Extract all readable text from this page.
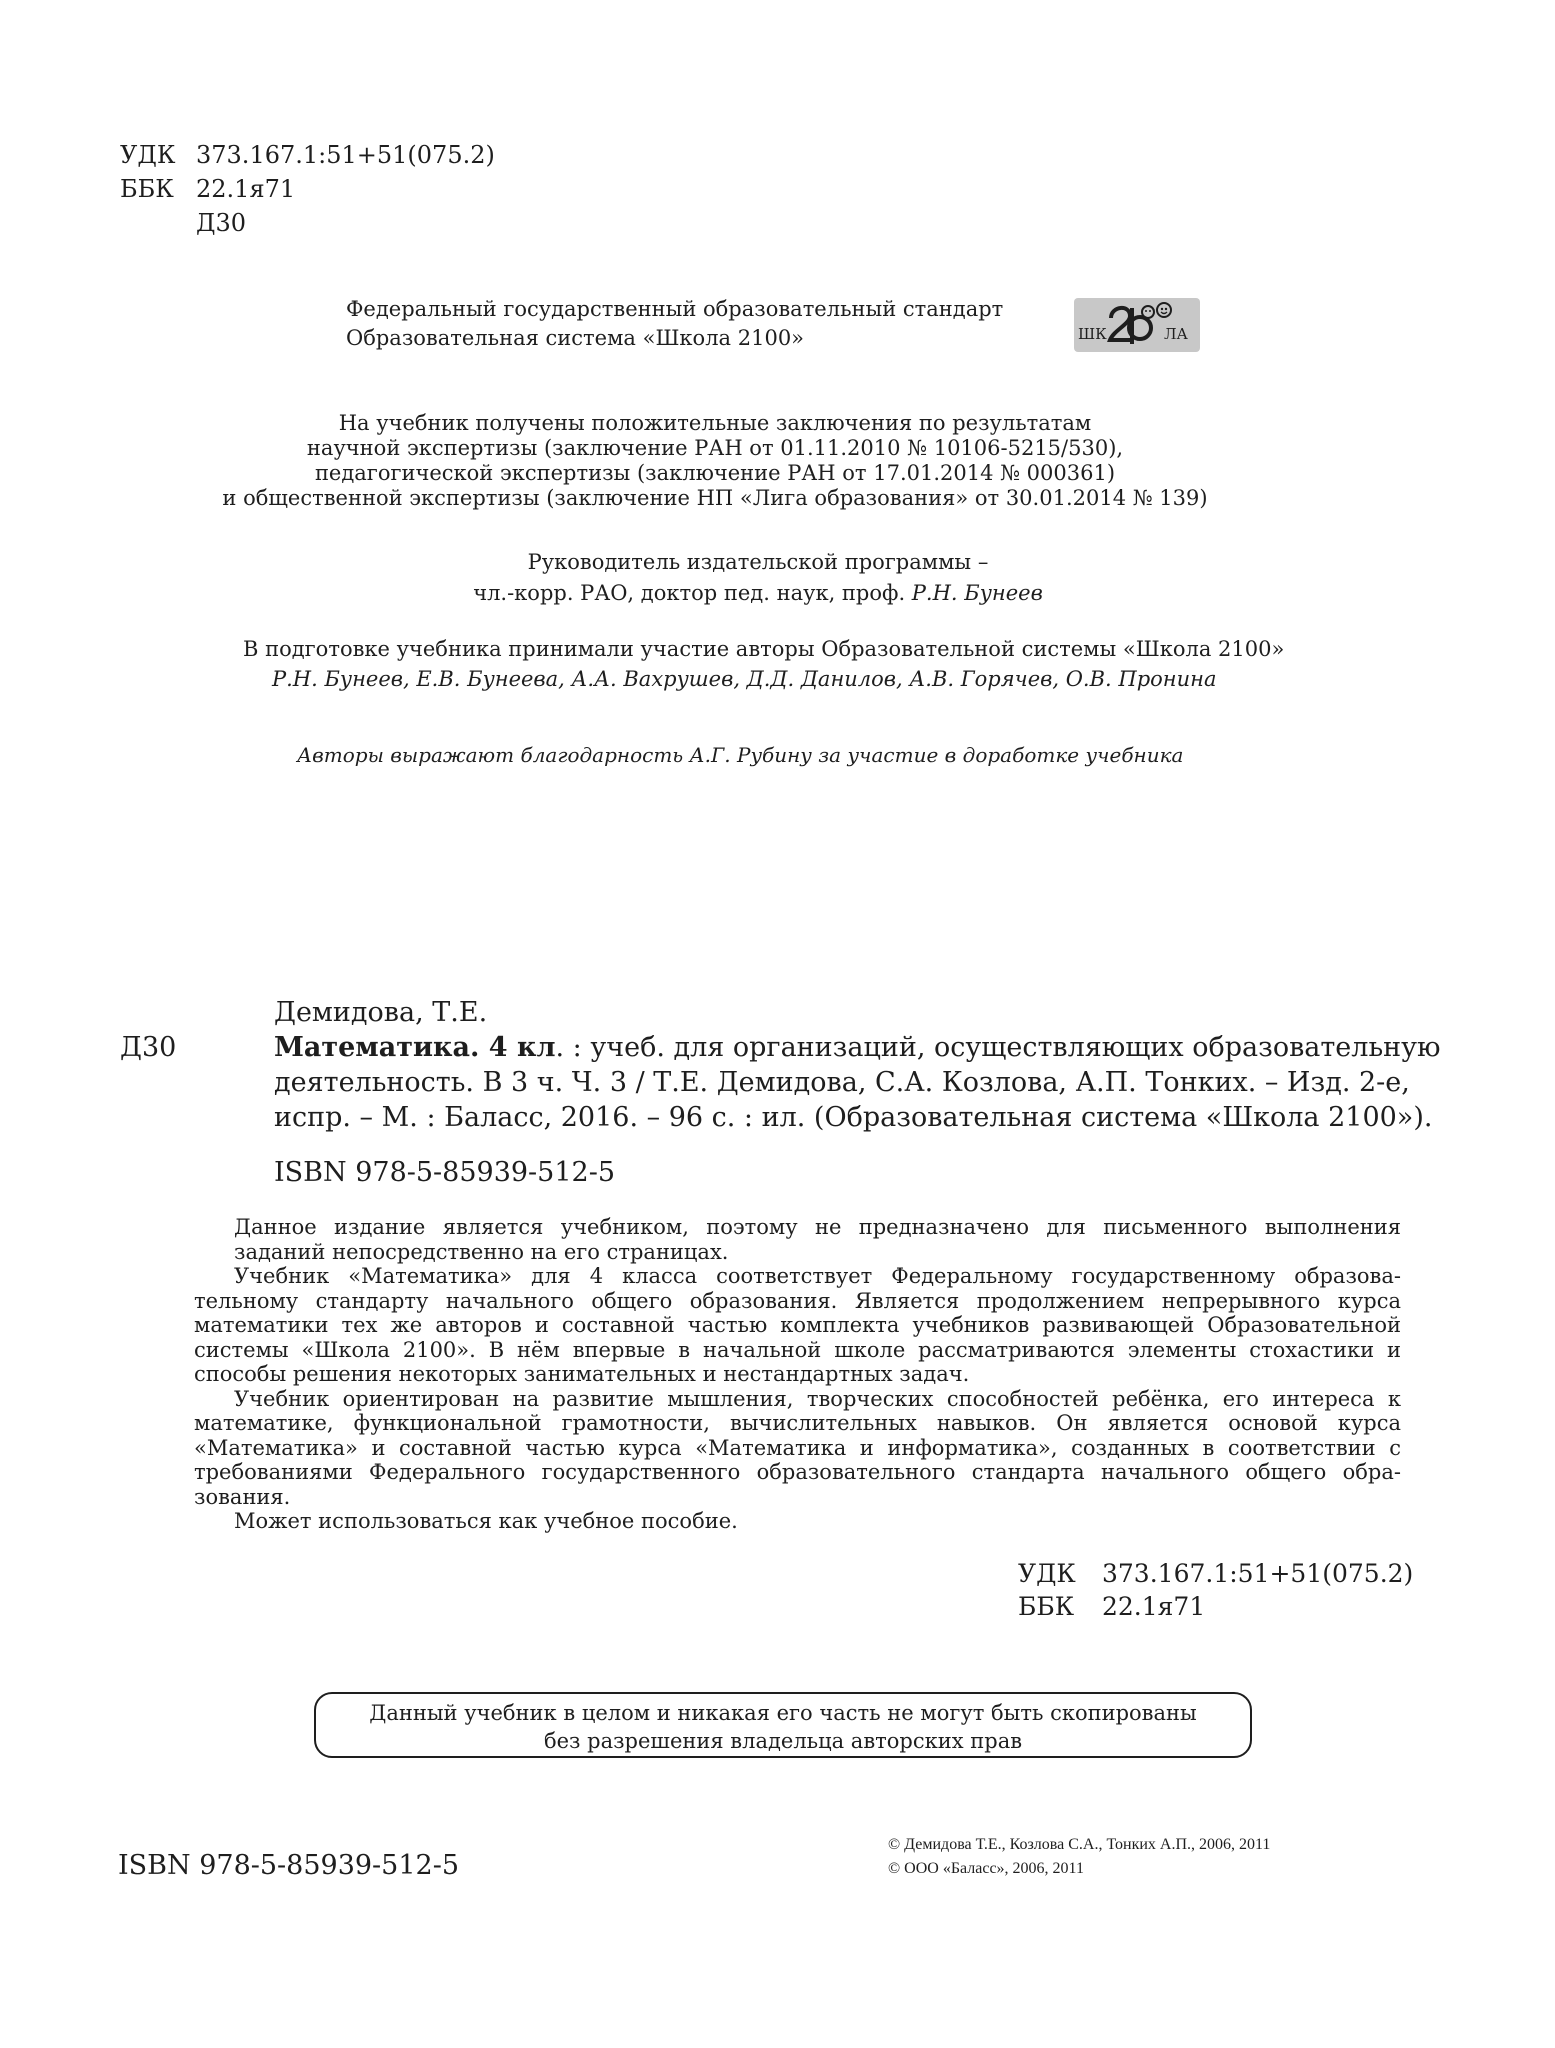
УДК 373.167.1:51+51(075.2)
ББК 22.1я71
Д30
Федеральный государственный образовательный стандарт
Образовательная система «Школа 2100»	ШК	ЛА
На учебник получены положительные заключения по результатам
научной экспертизы (заключение РАН от 01.11.2010 № 10106-5215/530),
педагогической экспертизы (заключение РАН от 17.01.2014 № 000361)
и общественной экспертизы (заключение НП «Лига образования» от 30.01.2014 № 139)
Руководитель издательской программы –
чл.-корр. РАО, доктор пед. наук, проф. Р.Н. Бунеев
В подготовке учебника принимали участие авторы Образовательной системы «Школа 2100»
Р.Н. Бунеев, Е.В. Бунеева, А.А. Вахрушев, Д.Д. Данилов, А.В. Горячев, О.В. Пронина
Авторы выражают благодарность А.Г. Рубину за участие в доработке учебника
Демидова, Т.Е.
Д30	Математика. 4 кл. : учеб. для организаций, осуществляющих образовательную
деятельность. В 3 ч. Ч. 3 / Т.Е. Демидова, С.А. Козлова, А.П. Тонких. – Изд. 2-е,
испр. – М. : Баласс, 2016. – 96 с. : ил. (Образовательная система «Школа 2100»).
ISBN 978-5-85939-512-5
Данное издание является учебником, поэтому не предназначено для письменного выполнения
заданий непосредственно на его страницах.
Учебник «Математика» для 4 класса соответствует Федеральному государственному образова-
тельному стандарту начального общего образования. Является продолжением непрерывного курса
математики тех же авторов и составной частью комплекта учебников развивающей Образовательной
системы «Школа 2100». В нём впервые в начальной школе рассматриваются элементы стохастики и
способы решения некоторых занимательных и нестандартных задач.
Учебник ориентирован на развитие мышления, творческих способностей ребёнка, его интереса к
математике, функциональной грамотности, вычислительных навыков. Он является основой курса
«Математика» и составной частью курса «Математика и информатика», созданных в соответствии с
требованиями Федерального государственного образовательного стандарта начального общего обра-
зования.
Может использоваться как учебное пособие.
УДК 373.167.1:51+51(075.2)
ББК 22.1я71
Данный учебник в целом и никакая его часть не могут быть скопированы
без разрешения владельца авторских прав
ISBN 978-5-85939-512-5
© Демидова Т.Е., Козлова С.А., Тонких А.П., 2006, 2011
© ООО «Баласс», 2006, 2011
